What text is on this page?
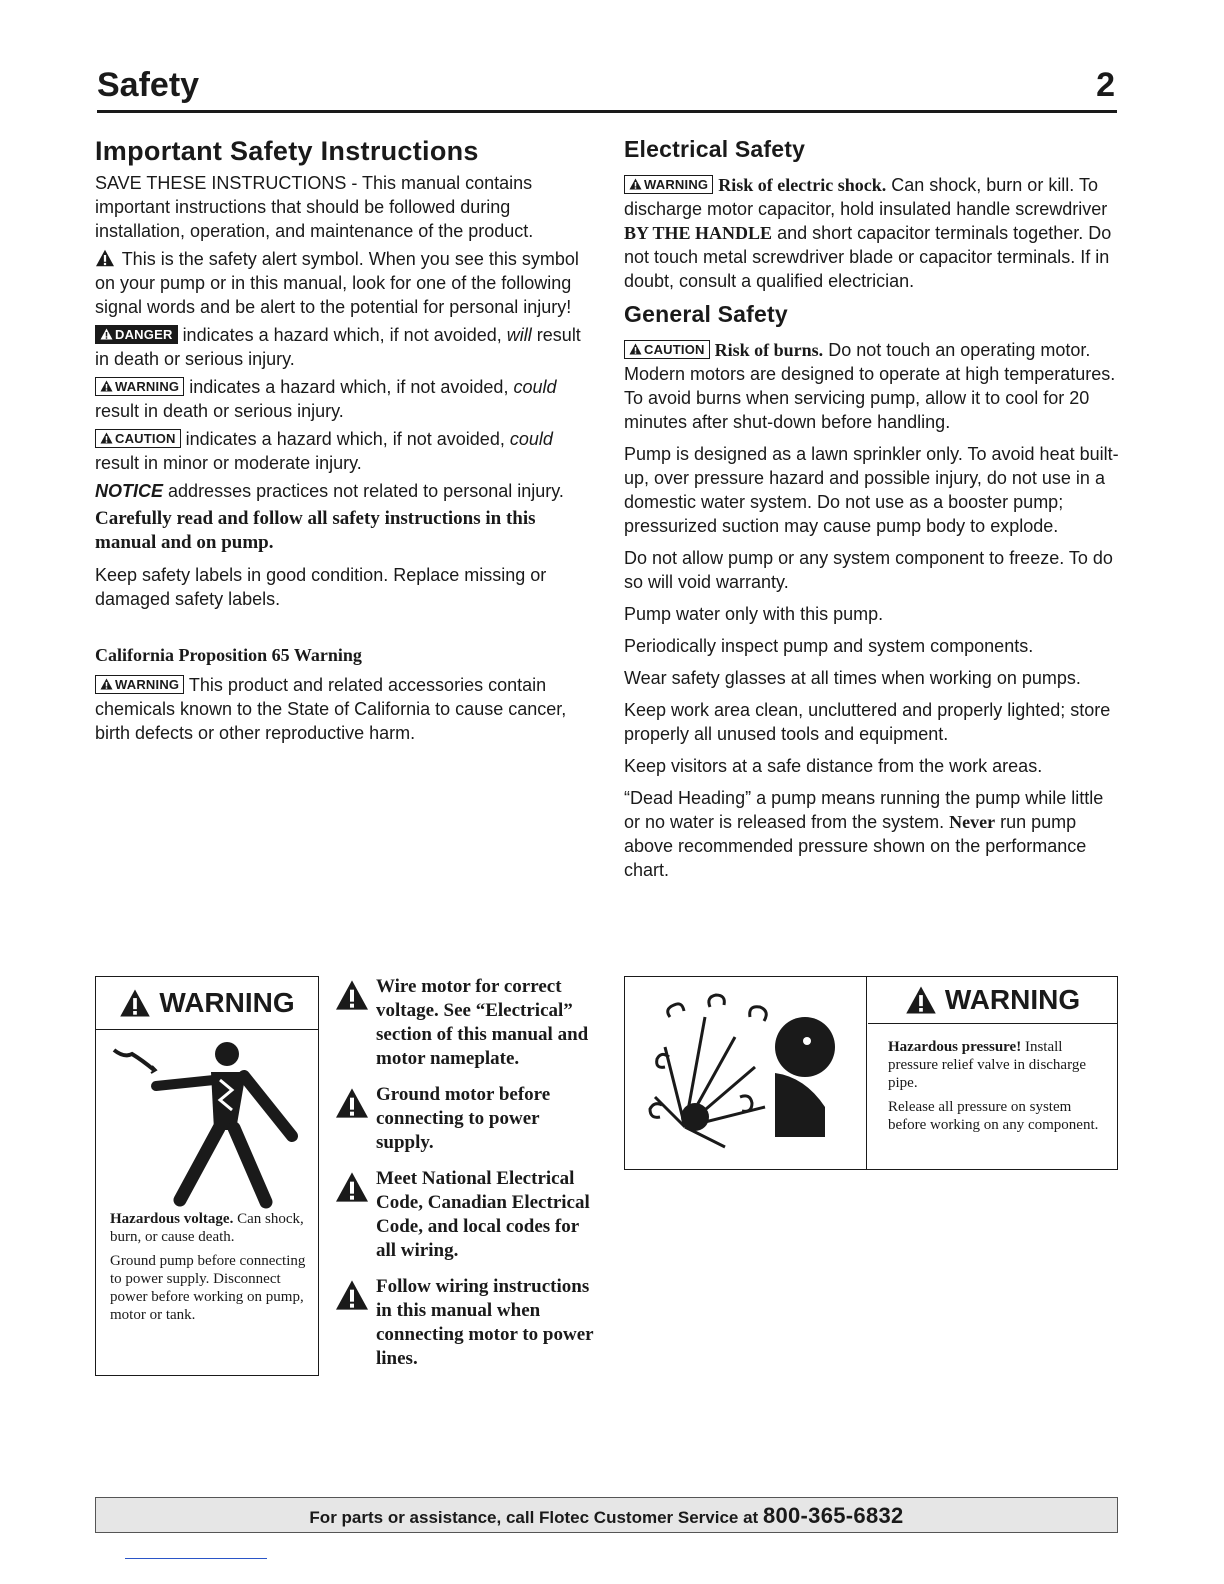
Safety	2
Important Safety Instructions

SAVE THESE INSTRUCTIONS - This manual contains important instructions that should be followed during installation, operation, and maintenance of the product.

This is the safety alert symbol. When you see this symbol on your pump or in this manual, look for one of the following signal words and be alert to the potential for personal injury!

DANGER indicates a hazard which, if not avoided, will result in death or serious injury.

WARNING indicates a hazard which, if not avoided, could result in death or serious injury.

CAUTION indicates a hazard which, if not avoided, could result in minor or moderate injury.

NOTICE addresses practices not related to personal injury.

Carefully read and follow all safety instructions in this manual and on pump.

Keep safety labels in good condition. Replace missing or damaged safety labels.

California Proposition 65 Warning

WARNING This product and related accessories contain chemicals known to the State of California to cause cancer, birth defects or other reproductive harm.

Electrical Safety

WARNING Risk of electric shock. Can shock, burn or kill. To discharge motor capacitor, hold insulated handle screwdriver BY THE HANDLE and short capacitor terminals together. Do not touch metal screwdriver blade or capacitor terminals. If in doubt, consult a qualified electrician.

General Safety

CAUTION Risk of burns. Do not touch an operating motor. Modern motors are designed to operate at high temperatures. To avoid burns when servicing pump, allow it to cool for 20 minutes after shut-down before handling.

Pump is designed as a lawn sprinkler only. To avoid heat built-up, over pressure hazard and possible injury, do not use in a domestic water system. Do not use as a booster pump; pressurized suction may cause pump body to explode.

Do not allow pump or any system component to freeze. To do so will void warranty.

Pump water only with this pump.

Periodically inspect pump and system components.

Wear safety glasses at all times when working on pumps.

Keep work area clean, uncluttered and properly lighted; store properly all unused tools and equipment.

Keep visitors at a safe distance from the work areas.

“Dead Heading” a pump means running the pump while little or no water is released from the system. Never run pump above recommended pressure shown on the performance chart.

WARNING

Hazardous voltage. Can shock, burn, or cause death.

Ground pump before connecting to power supply. Disconnect power before working on pump, motor or tank.

Wire motor for correct voltage. See “Electrical” section of this manual and motor nameplate.
Ground motor before connecting to power supply.
Meet National Electrical Code, Canadian Electrical Code, and local codes for all wiring.
Follow wiring instructions in this manual when connecting motor to power lines.
WARNING

Hazardous pressure! Install pressure relief valve in discharge pipe.

Release all pressure on system before working on any component.

For parts or assistance, call Flotec Customer Service at 800-365-6832
